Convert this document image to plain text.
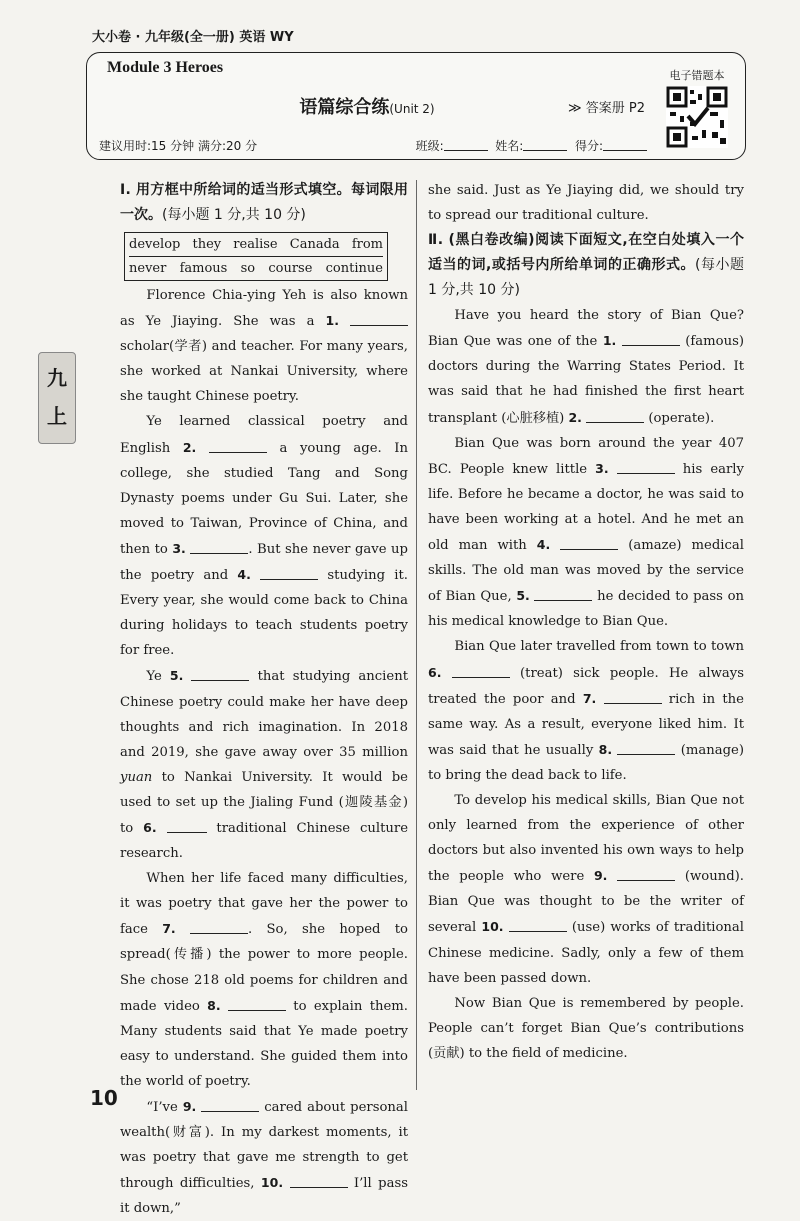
大小卷 · 九年级(全一册) 英语 WY
Module 3 Heroes
语篇综合练(Unit 2)	≫ 答案册 P2
建议用时:15 分钟 满分:20 分	班级:	姓名:	得分:
电子错题本
九
上
Ⅰ. 用方框中所给词的适当形式填空。每词限用一次。(每小题 1 分,共 10 分)
develop they realise Canada from
never famous so course continue

Florence Chia-ying Yeh is also known as Ye Jiaying. She was a 1.  scholar(学者) and teacher. For many years, she worked at Nankai University, where she taught Chinese poetry.

Ye learned classical poetry and English 2.	a young age. In college, she studied Tang and Song Dynasty poems under Gu Sui. Later, she moved to Taiwan, Province of China, and then to 3.	. But she never gave up the poetry and 4.	studying it. Every year, she would come back to China during holidays to teach students poetry for free.

Ye 5.	that studying ancient Chinese poetry could make her have deep thoughts and rich imagination. In 2018 and 2019, she gave away over 35 million yuan to Nankai University. It would be used to set up the Jialing Fund (迦陵基金) to 6.	traditional Chinese culture research.

When her life faced many difficulties, it was poetry that gave her the power to face 7.	. So, she hoped to spread(传播) the power to more people. She chose 218 old poems for children and made video 8.	to explain them. Many students said that Ye made poetry easy to understand. She guided them into the world of poetry.

“I’ve 9.	cared about personal wealth(财富). In my darkest moments, it was poetry that gave me strength to get through difficulties, 10.	I’ll pass it down,”

she said. Just as Ye Jiaying did, we should try to spread our traditional culture.

Ⅱ. (黑白卷改编)阅读下面短文,在空白处填入一个适当的词,或括号内所给单词的正确形式。(每小题 1 分,共 10 分)

Have you heard the story of Bian Que? Bian Que was one of the 1.	(famous) doctors during the Warring States Period. It was said that he had finished the first heart transplant (心脏移植) 2.	(operate).

Bian Que was born around the year 407 BC. People knew little 3.	his early life. Before he became a doctor, he was said to have been working at a hotel. And he met an old man with 4.	(amaze) medical skills. The old man was moved by the service of Bian Que, 5.	he decided to pass on his medical knowledge to Bian Que.

Bian Que later travelled from town to town 6.	(treat) sick people. He always treated the poor and 7.	rich in the same way. As a result, everyone liked him. It was said that he usually 8.	(manage) to bring the dead back to life.

To develop his medical skills, Bian Que not only learned from the experience of other doctors but also invented his own ways to help the people who were 9.	(wound). Bian Que was thought to be the writer of several 10.	(use) works of traditional Chinese medicine. Sadly, only a few of them have been passed down.

Now Bian Que is remembered by people. People can’t forget Bian Que’s contributions (贡献) to the field of medicine.

10
